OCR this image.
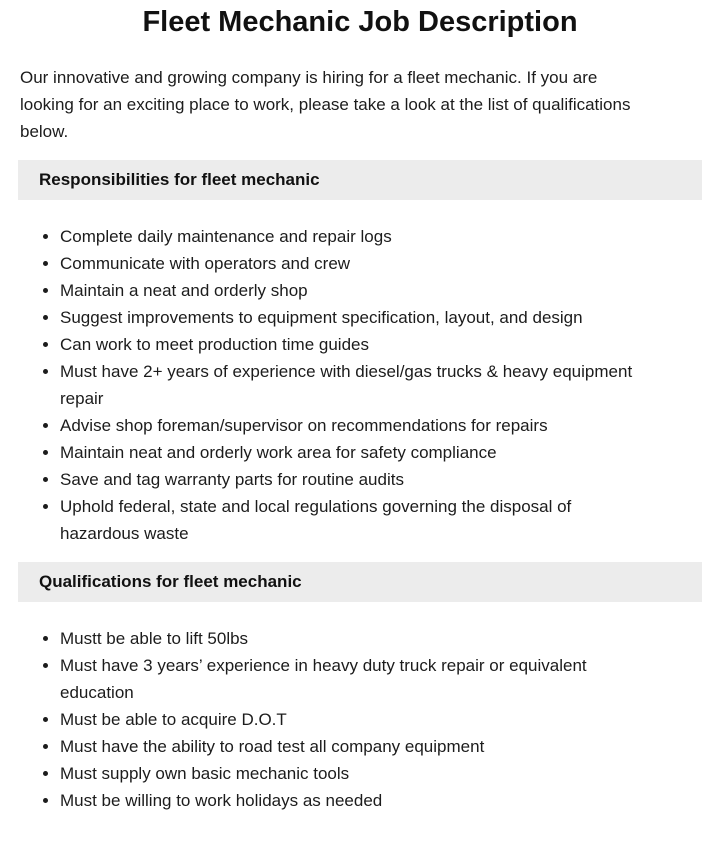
Fleet Mechanic Job Description

Our innovative and growing company is hiring for a fleet mechanic. If you are
looking for an exciting place to work, please take a look at the list of qualifications
below.

Responsibilities for fleet mechanic
• Complete daily maintenance and repair logs
• Communicate with operators and crew
• Maintain a neat and orderly shop
• Suggest improvements to equipment specification, layout, and design
• Can work to meet production time guides
• Must have 2+ years of experience with diesel/gas trucks & heavy equipment repair
• Advise shop foreman/supervisor on recommendations for repairs
• Maintain neat and orderly work area for safety compliance
• Save and tag warranty parts for routine audits
• Uphold federal, state and local regulations governing the disposal of hazardous waste
Qualifications for fleet mechanic
• Mustt be able to lift 50lbs
• Must have 3 years’ experience in heavy duty truck repair or equivalent education
• Must be able to acquire D.O.T
• Must have the ability to road test all company equipment
• Must supply own basic mechanic tools
• Must be willing to work holidays as needed
